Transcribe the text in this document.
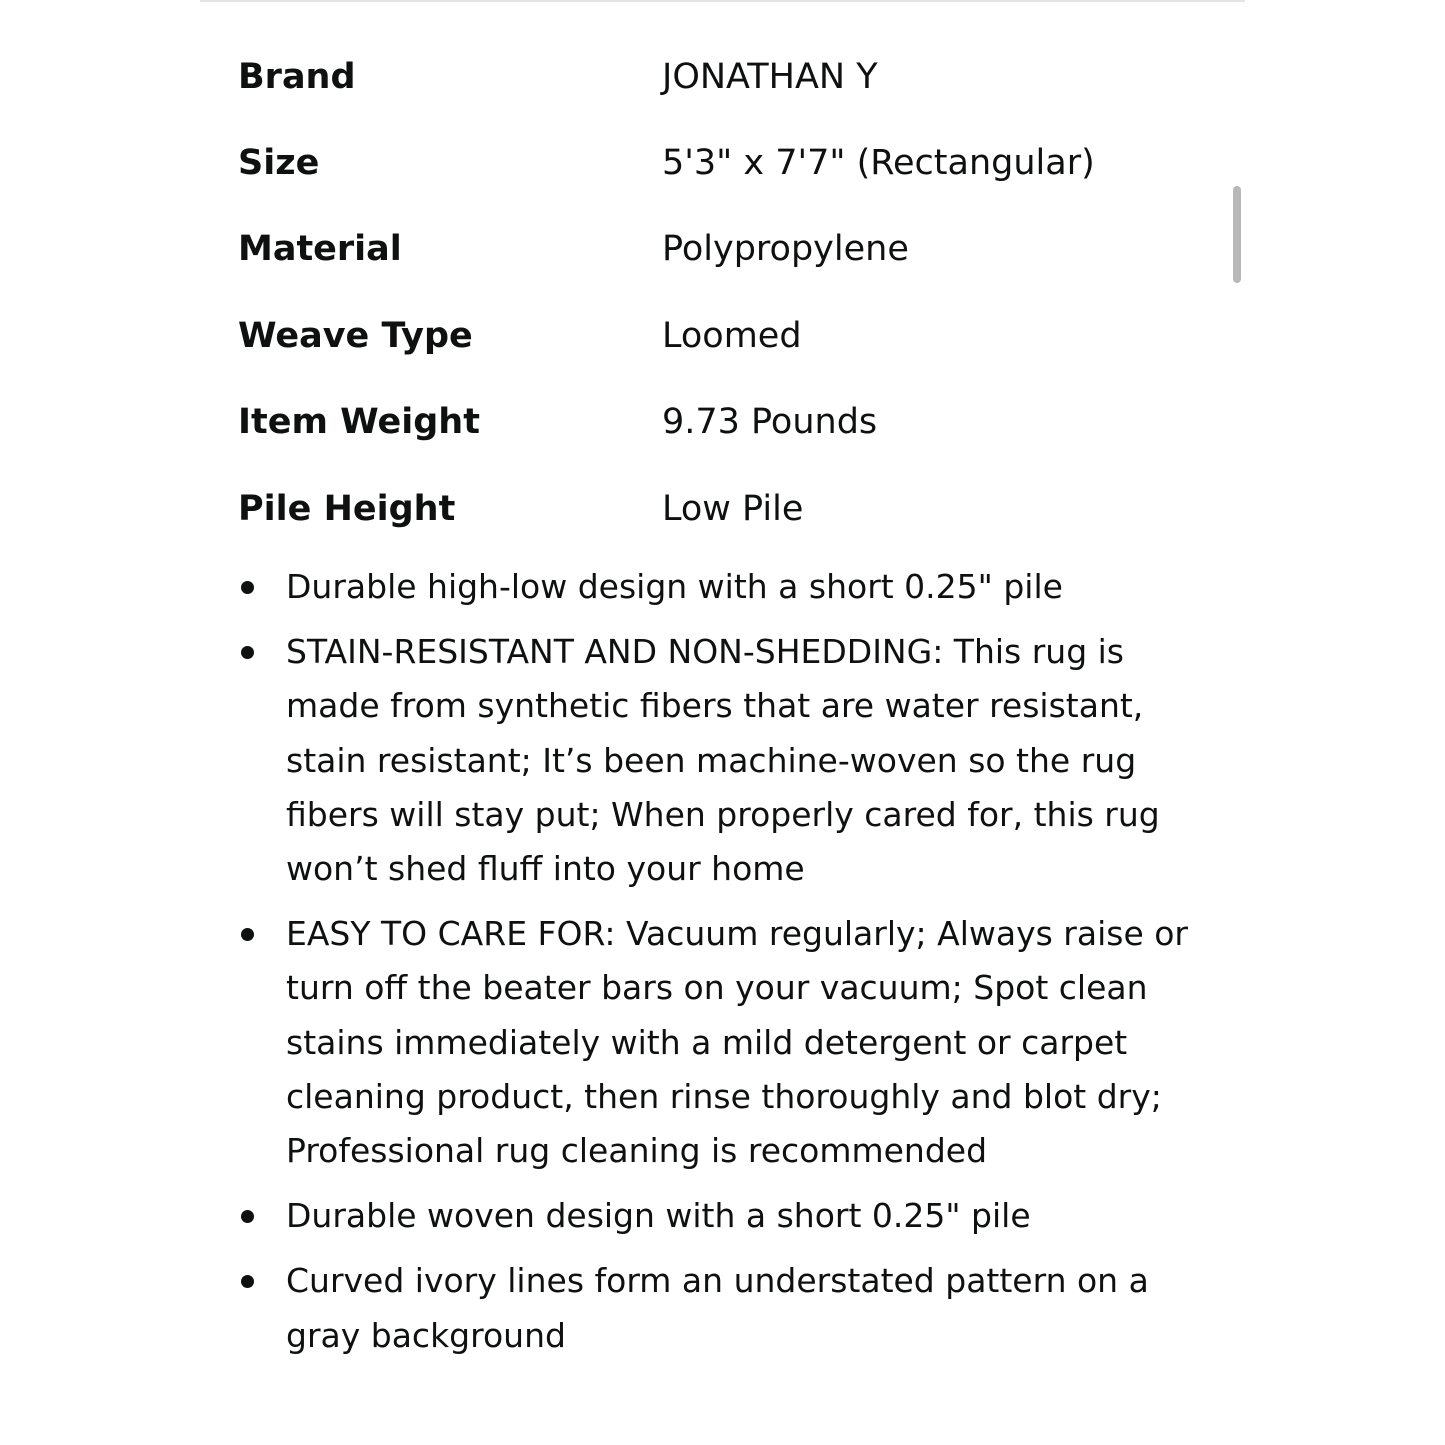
Brand	JONATHAN Y
Size	5'3" x 7'7" (Rectangular)
Material	Polypropylene
Weave Type	Loomed
Item Weight	9.73 Pounds
Pile Height	Low Pile
Durable high-low design with a short 0.25" pile
STAIN-RESISTANT AND NON-SHEDDING: This rug is made from synthetic fibers that are water resistant, stain resistant; It’s been machine-woven so the rug fibers will stay put; When properly cared for, this rug won’t shed fluff into your home
EASY TO CARE FOR: Vacuum regularly; Always raise or turn off the beater bars on your vacuum; Spot clean stains immediately with a mild detergent or carpet cleaning product, then rinse thoroughly and blot dry; Professional rug cleaning is recommended
Durable woven design with a short 0.25" pile
Curved ivory lines form an understated pattern on a gray background
